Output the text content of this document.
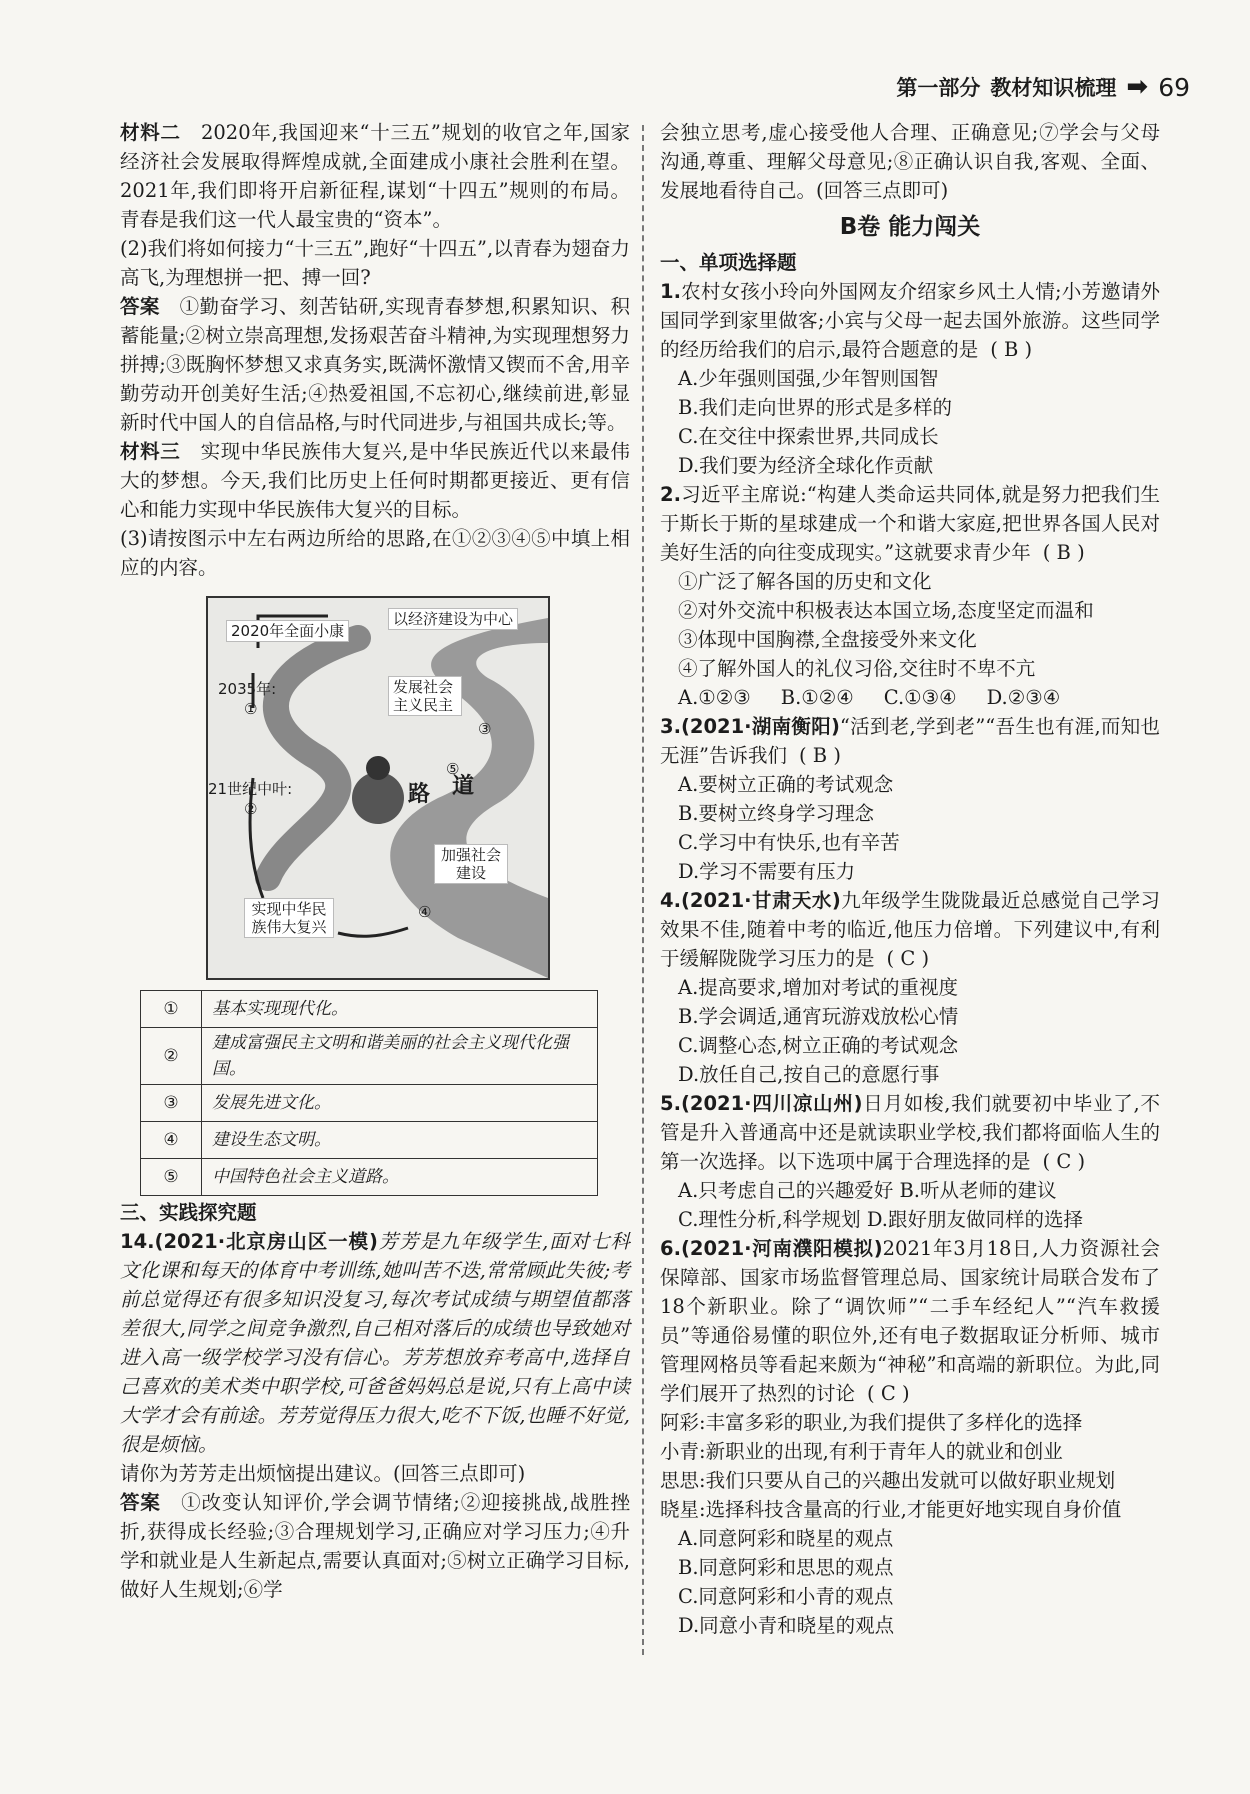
第一部分 教材知识梳理 ➡ 69

材料二　 2020年,我国迎来“十三五”规划的收官之年,国家经济社会发展取得辉煌成就,全面建成小康社会胜利在望。2021年,我们即将开启新征程,谋划“十四五”规则的布局。青春是我们这一代人最宝贵的“资本”。

(2)我们将如何接力“十三五”,跑好“十四五”,以青春为翅奋力高飞,为理想拼一把、搏一回?

答案　 ①勤奋学习、刻苦钻研,实现青春梦想,积累知识、积蓄能量;②树立崇高理想,发扬艰苦奋斗精神,为实现理想努力拼搏;③既胸怀梦想又求真务实,既满怀激情又锲而不舍,用辛勤劳动开创美好生活;④热爱祖国,不忘初心,继续前进,彰显新时代中国人的自信品格,与时代同进步,与祖国共成长;等。

材料三　 实现中华民族伟大复兴,是中华民族近代以来最伟大的梦想。今天,我们比历史上任何时期都更接近、更有信心和能力实现中华民族伟大复兴的目标。

(3)请按图示中左右两边所给的思路,在①②③④⑤中填上相应的内容。

2020年全面小康
以经济建设为中心
2035年:
①
发展社会主义民主
③
⑤
21世纪中叶:
②
路 道
加强社会建设
④
实现中华民族伟大复兴
①	基本实现现代化。
②	建成富强民主文明和谐美丽的社会主义现代化强国。
③	发展先进文化。
④	建设生态文明。
⑤	中国特色社会主义道路。

三、实践探究题

14.(2021·北京房山区一模)芳芳是九年级学生,面对七科文化课和每天的体育中考训练,她叫苦不迭,常常顾此失彼;考前总觉得还有很多知识没复习,每次考试成绩与期望值都落差很大,同学之间竞争激烈,自己相对落后的成绩也导致她对进入高一级学校学习没有信心。芳芳想放弃考高中,选择自己喜欢的美术类中职学校,可爸爸妈妈总是说,只有上高中读大学才会有前途。芳芳觉得压力很大,吃不下饭,也睡不好觉,很是烦恼。

请你为芳芳走出烦恼提出建议。(回答三点即可)

答案　 ①改变认知评价,学会调节情绪;②迎接挑战,战胜挫折,获得成长经验;③合理规划学习,正确应对学习压力;④升学和就业是人生新起点,需要认真面对;⑤树立正确学习目标,做好人生规划;⑥学

会独立思考,虚心接受他人合理、正确意见;⑦学会与父母沟通,尊重、理解父母意见;⑧正确认识自我,客观、全面、发展地看待自己。(回答三点即可)

B卷 能力闯关

一、单项选择题

1.农村女孩小玲向外国网友介绍家乡风土人情;小芳邀请外国同学到家里做客;小宾与父母一起去国外旅游。这些同学的经历给我们的启示,最符合题意的是 ( B )

A.少年强则国强,少年智则国智

B.我们走向世界的形式是多样的

C.在交往中探索世界,共同成长

D.我们要为经济全球化作贡献

2.习近平主席说:“构建人类命运共同体,就是努力把我们生于斯长于斯的星球建成一个和谐大家庭,把世界各国人民对美好生活的向往变成现实。”这就要求青少年 ( B )

①广泛了解各国的历史和文化

②对外交流中积极表达本国立场,态度坚定而温和

③体现中国胸襟,全盘接受外来文化

④了解外国人的礼仪习俗,交往时不卑不亢

A.①②③ B.①②④ C.①③④ D.②③④

3.(2021·湖南衡阳)“活到老,学到老”“吾生也有涯,而知也无涯”告诉我们 ( B )

A.要树立正确的考试观念

B.要树立终身学习理念

C.学习中有快乐,也有辛苦

D.学习不需要有压力

4.(2021·甘肃天水)九年级学生陇陇最近总感觉自己学习效果不佳,随着中考的临近,他压力倍增。下列建议中,有利于缓解陇陇学习压力的是 ( C )

A.提高要求,增加对考试的重视度

B.学会调适,通宵玩游戏放松心情

C.调整心态,树立正确的考试观念

D.放任自己,按自己的意愿行事

5.(2021·四川凉山州)日月如梭,我们就要初中毕业了,不管是升入普通高中还是就读职业学校,我们都将面临人生的第一次选择。以下选项中属于合理选择的是 ( C )

A.只考虑自己的兴趣爱好 B.听从老师的建议

C.理性分析,科学规划 D.跟好朋友做同样的选择

6.(2021·河南濮阳模拟)2021年3月18日,人力资源社会保障部、国家市场监督管理总局、国家统计局联合发布了18个新职业。除了“调饮师”“二手车经纪人”“汽车救援员”等通俗易懂的职位外,还有电子数据取证分析师、城市管理网格员等看起来颇为“神秘”和高端的新职位。为此,同学们展开了热烈的讨论 ( C )

阿彩:丰富多彩的职业,为我们提供了多样化的选择

小青:新职业的出现,有利于青年人的就业和创业

思思:我们只要从自己的兴趣出发就可以做好职业规划

晓星:选择科技含量高的行业,才能更好地实现自身价值

A.同意阿彩和晓星的观点

B.同意阿彩和思思的观点

C.同意阿彩和小青的观点

D.同意小青和晓星的观点
